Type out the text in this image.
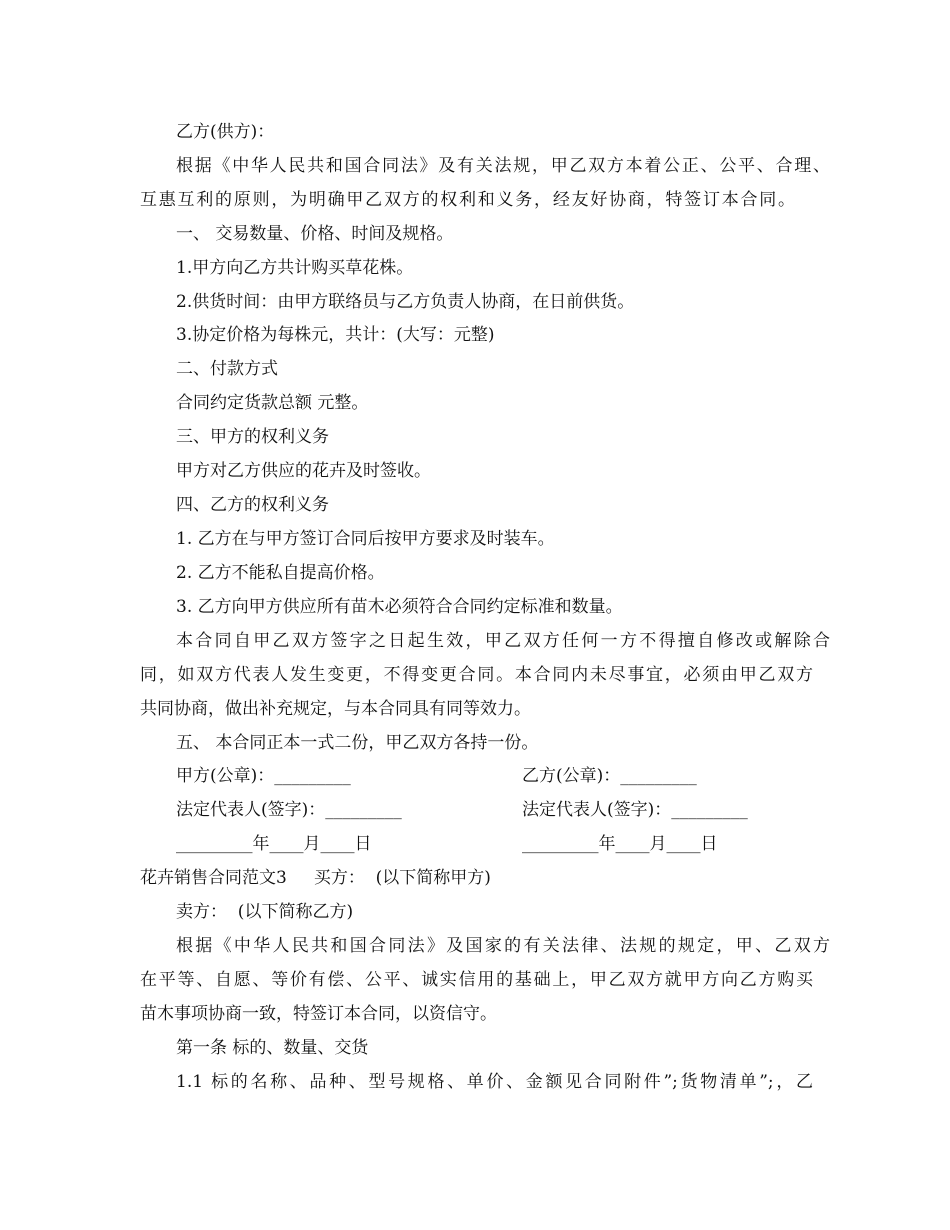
乙方(供方)：
根据《中华人民共和国合同法》及有关法规，甲乙双方本着公正、公平、合理、
互惠互利的原则，为明确甲乙双方的权利和义务，经友好协商，特签订本合同。
一、 交易数量、价格、时间及规格。
1.甲方向乙方共计购买草花株。
2.供货时间：由甲方联络员与乙方负责人协商，在日前供货。
3.协定价格为每株元，共计：(大写：元整)
二、付款方式
合同约定货款总额 元整。
三、甲方的权利义务
甲方对乙方供应的花卉及时签收。
四、乙方的权利义务
1. 乙方在与甲方签订合同后按甲方要求及时装车。
2. 乙方不能私自提高价格。
3. 乙方向甲方供应所有苗木必须符合合同约定标准和数量。
本合同自甲乙双方签字之日起生效，甲乙双方任何一方不得擅自修改或解除合
同，如双方代表人发生变更，不得变更合同。本合同内未尽事宜，必须由甲乙双方
共同协商，做出补充规定，与本合同具有同等效力。
五、 本合同正本一式二份，甲乙双方各持一份。
甲方(公章)：_________	乙方(公章)：_________
法定代表人(签字)：_________	法定代表人(签字)：_________
_________年____月____日	_________年____月____日
花卉销售合同范文3     买方：  (以下简称甲方)
卖方：  (以下简称乙方)
根据《中华人民共和国合同法》及国家的有关法律、法规的规定，甲、乙双方
在平等、自愿、等价有偿、公平、诚实信用的基础上，甲乙双方就甲方向乙方购买
苗木事项协商一致，特签订本合同，以资信守。
第一条 标的、数量、交货
1.1 标的名称、品种、型号规格、单价、金额见合同附件”;货物清单”;，乙
